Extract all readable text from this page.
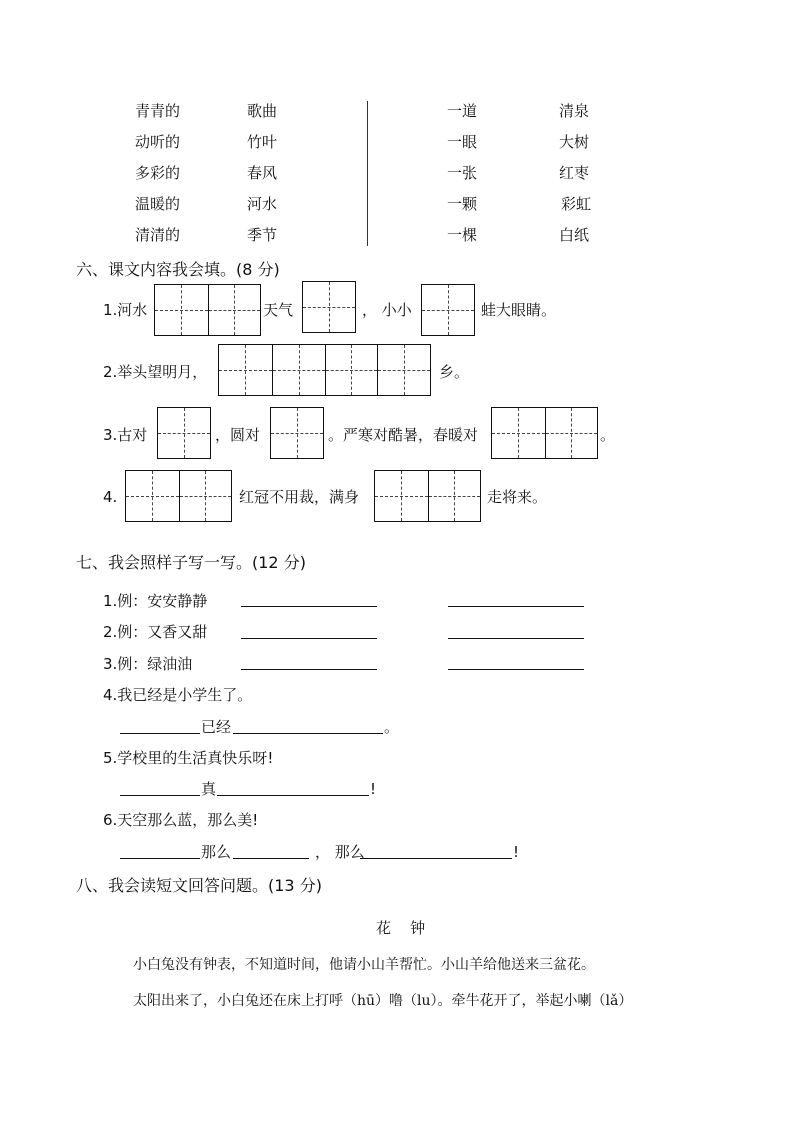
青青的	歌曲
动听的	竹叶
多彩的	春风
温暖的	河水
清清的	季节
一道	清泉
一眼	大树
一张	红枣
一颗	彩虹
一棵	白纸
六、课文内容我会填。(8 分)
1.河水	天气	， 小小	蛙大眼睛。
2.举头望明月，	乡。
3.古对	，圆对	。严寒对酷暑，春暖对	。
4.	红冠不用裁，满身	走将来。
七、我会照样子写一写。(12 分)
1.例：安安静静
2.例：又香又甜
3.例：绿油油
4.我已经是小学生了。
已经	。
5.学校里的生活真快乐呀!
真	!
6.天空那么蓝，那么美!
那么	， 那么	!
八、我会读短文回答问题。(13 分)
花    钟
小白兔没有钟表，不知道时间，他请小山羊帮忙。小山羊给他送来三盆花。
太阳出来了，小白兔还在床上打呼（hū）噜（lu）。牵牛花开了，举起小喇（lǎ）
